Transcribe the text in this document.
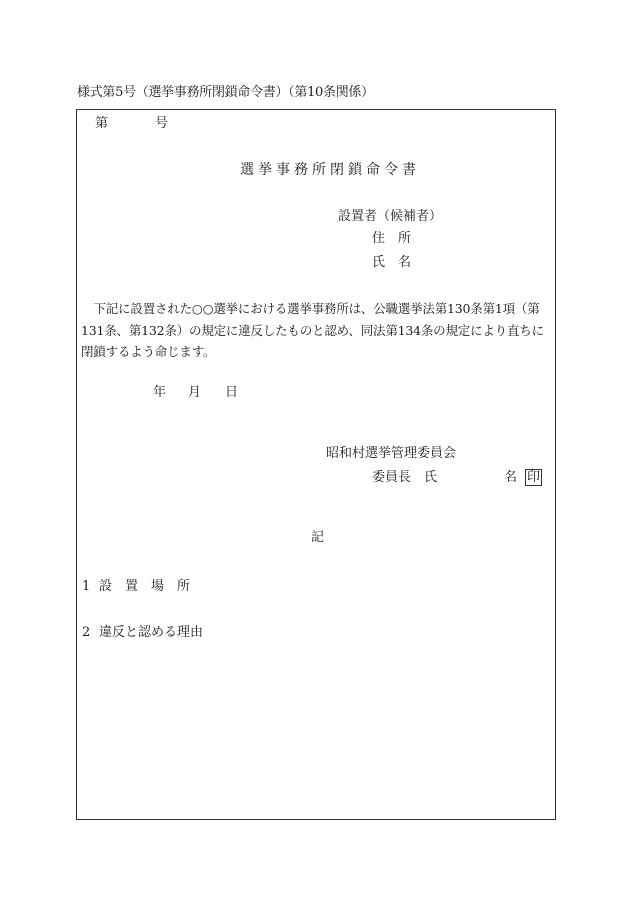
様式第5号（選挙事務所閉鎖命令書）（第10条関係）
第	号
選挙事務所閉鎖命令書
設置者（候補者）
住　所
氏　名
下記に設置された○○選挙における選挙事務所は、公職選挙法第130条第1項（第131条、第132条）の規定に違反したものと認め、同法第134条の規定により直ちに閉鎖するよう命じます。
年 月 日
昭和村選挙管理委員会
委員長　氏	名 印
記
1 設　置　場　所
2 違反と認める理由
